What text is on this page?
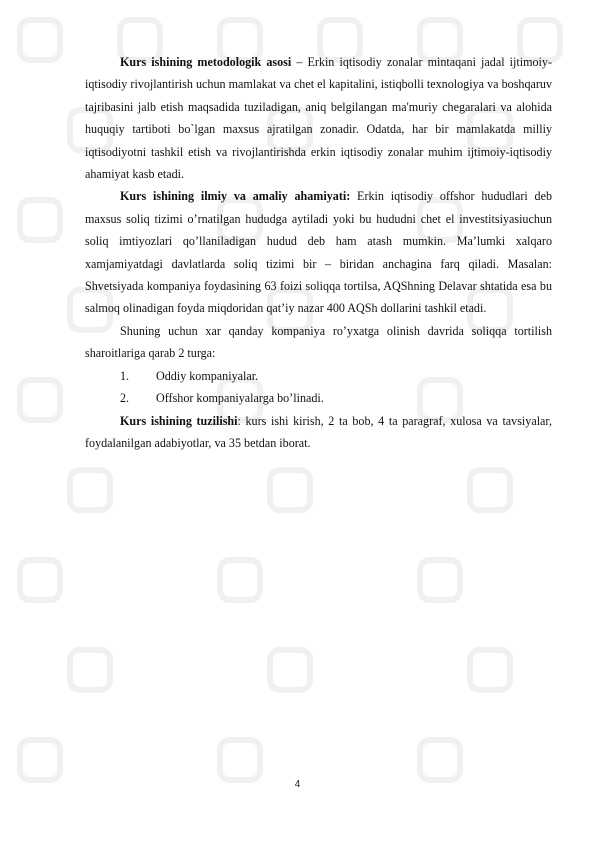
Kurs ishining metodologik asosi – Erkin iqtisodiy zonalar mintaqani jadal ijtimoiy-iqtisodiy rivojlantirish uchun mamlakat va chet el kapitalini, istiqbolli texnologiya va boshqaruv tajribasini jalb etish maqsadida tuziladigan, aniq belgilangan ma'muriy chegaralari va alohida huquqiy tartiboti bo`lgan maxsus ajratilgan zonadir. Odatda, har bir mamlakatda milliy iqtisodiyotni tashkil etish va rivojlantirishda erkin iqtisodiy zonalar muhim ijtimoiy-iqtisodiy ahamiyat kasb etadi.

Kurs ishining ilmiy va amaliy ahamiyati: Erkin iqtisodiy offshor hududlari deb maxsus soliq tizimi o’rnatilgan hududga aytiladi yoki bu hududni chet el investitsiyasiuchun soliq imtiyozlari qo’llaniladigan hudud deb ham atash mumkin. Ma’lumki xalqaro xamjamiyatdagi davlatlarda soliq tizimi bir – biridan anchagina farq qiladi. Masalan: Shvetsiyada kompaniya foydasining 63 foizi soliqqa tortilsa, AQShning Delavar shtatida esa bu salmoq olinadigan foyda miqdoridan qat’iy nazar 400 AQSh dollarini tashkil etadi.

Shuning uchun xar qanday kompaniya ro’yxatga olinish davrida soliqqa tortilish sharoitlariga qarab 2 turga:

1.	Oddiy kompaniyalar.
2.	Offshor kompaniyalarga bo’linadi.

Kurs ishining tuzilishi: kurs ishi kirish, 2 ta bob, 4 ta paragraf, xulosa va tavsiyalar, foydalanilgan adabiyotlar, va 35 betdan iborat.

4
